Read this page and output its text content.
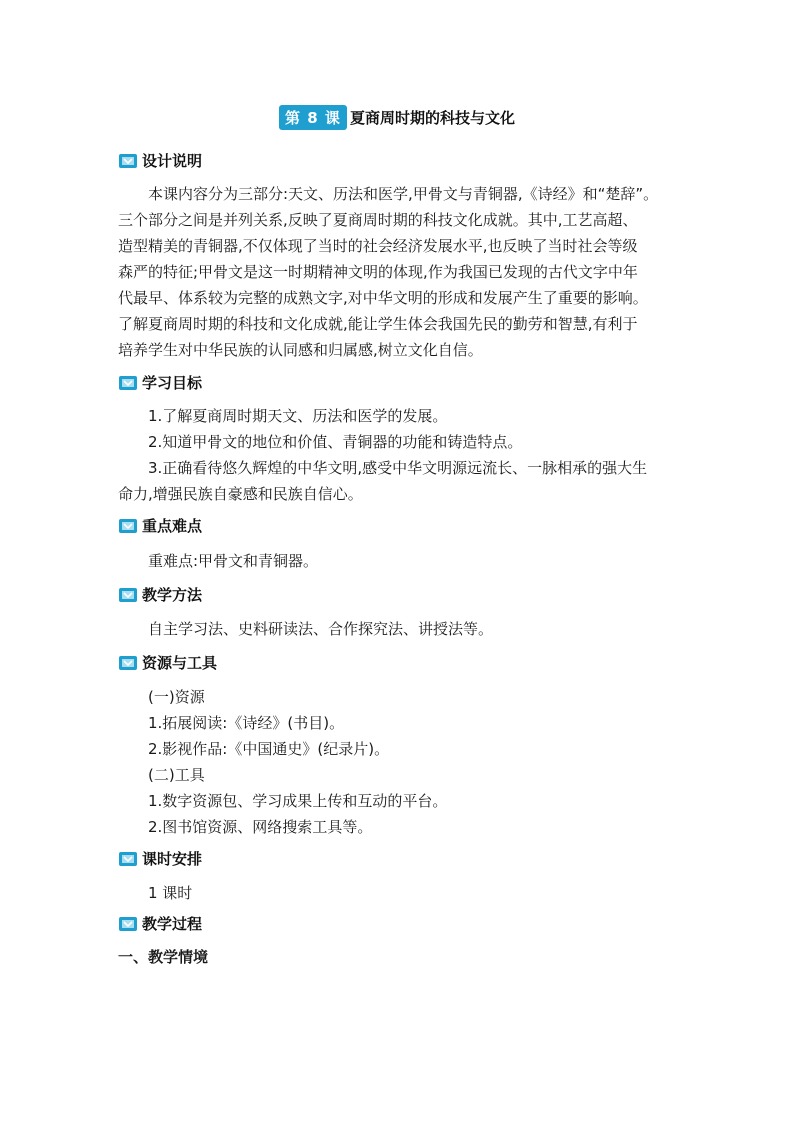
第 8 课 夏商周时期的科技与文化
设计说明
本课内容分为三部分:天文、历法和医学,甲骨文与青铜器,《诗经》和“楚辞”。
三个部分之间是并列关系,反映了夏商周时期的科技文化成就。其中,工艺高超、
造型精美的青铜器,不仅体现了当时的社会经济发展水平,也反映了当时社会等级
森严的特征;甲骨文是这一时期精神文明的体现,作为我国已发现的古代文字中年
代最早、体系较为完整的成熟文字,对中华文明的形成和发展产生了重要的影响。
了解夏商周时期的科技和文化成就,能让学生体会我国先民的勤劳和智慧,有利于
培养学生对中华民族的认同感和归属感,树立文化自信。
学习目标
1.了解夏商周时期天文、历法和医学的发展。
2.知道甲骨文的地位和价值、青铜器的功能和铸造特点。
3.正确看待悠久辉煌的中华文明,感受中华文明源远流长、一脉相承的强大生
命力,增强民族自豪感和民族自信心。
重点难点
重难点:甲骨文和青铜器。
教学方法
自主学习法、史料研读法、合作探究法、讲授法等。
资源与工具
(一)资源
1.拓展阅读:《诗经》(书目)。
2.影视作品:《中国通史》(纪录片)。
(二)工具
1.数字资源包、学习成果上传和互动的平台。
2.图书馆资源、网络搜索工具等。
课时安排
1 课时
教学过程
一、教学情境
